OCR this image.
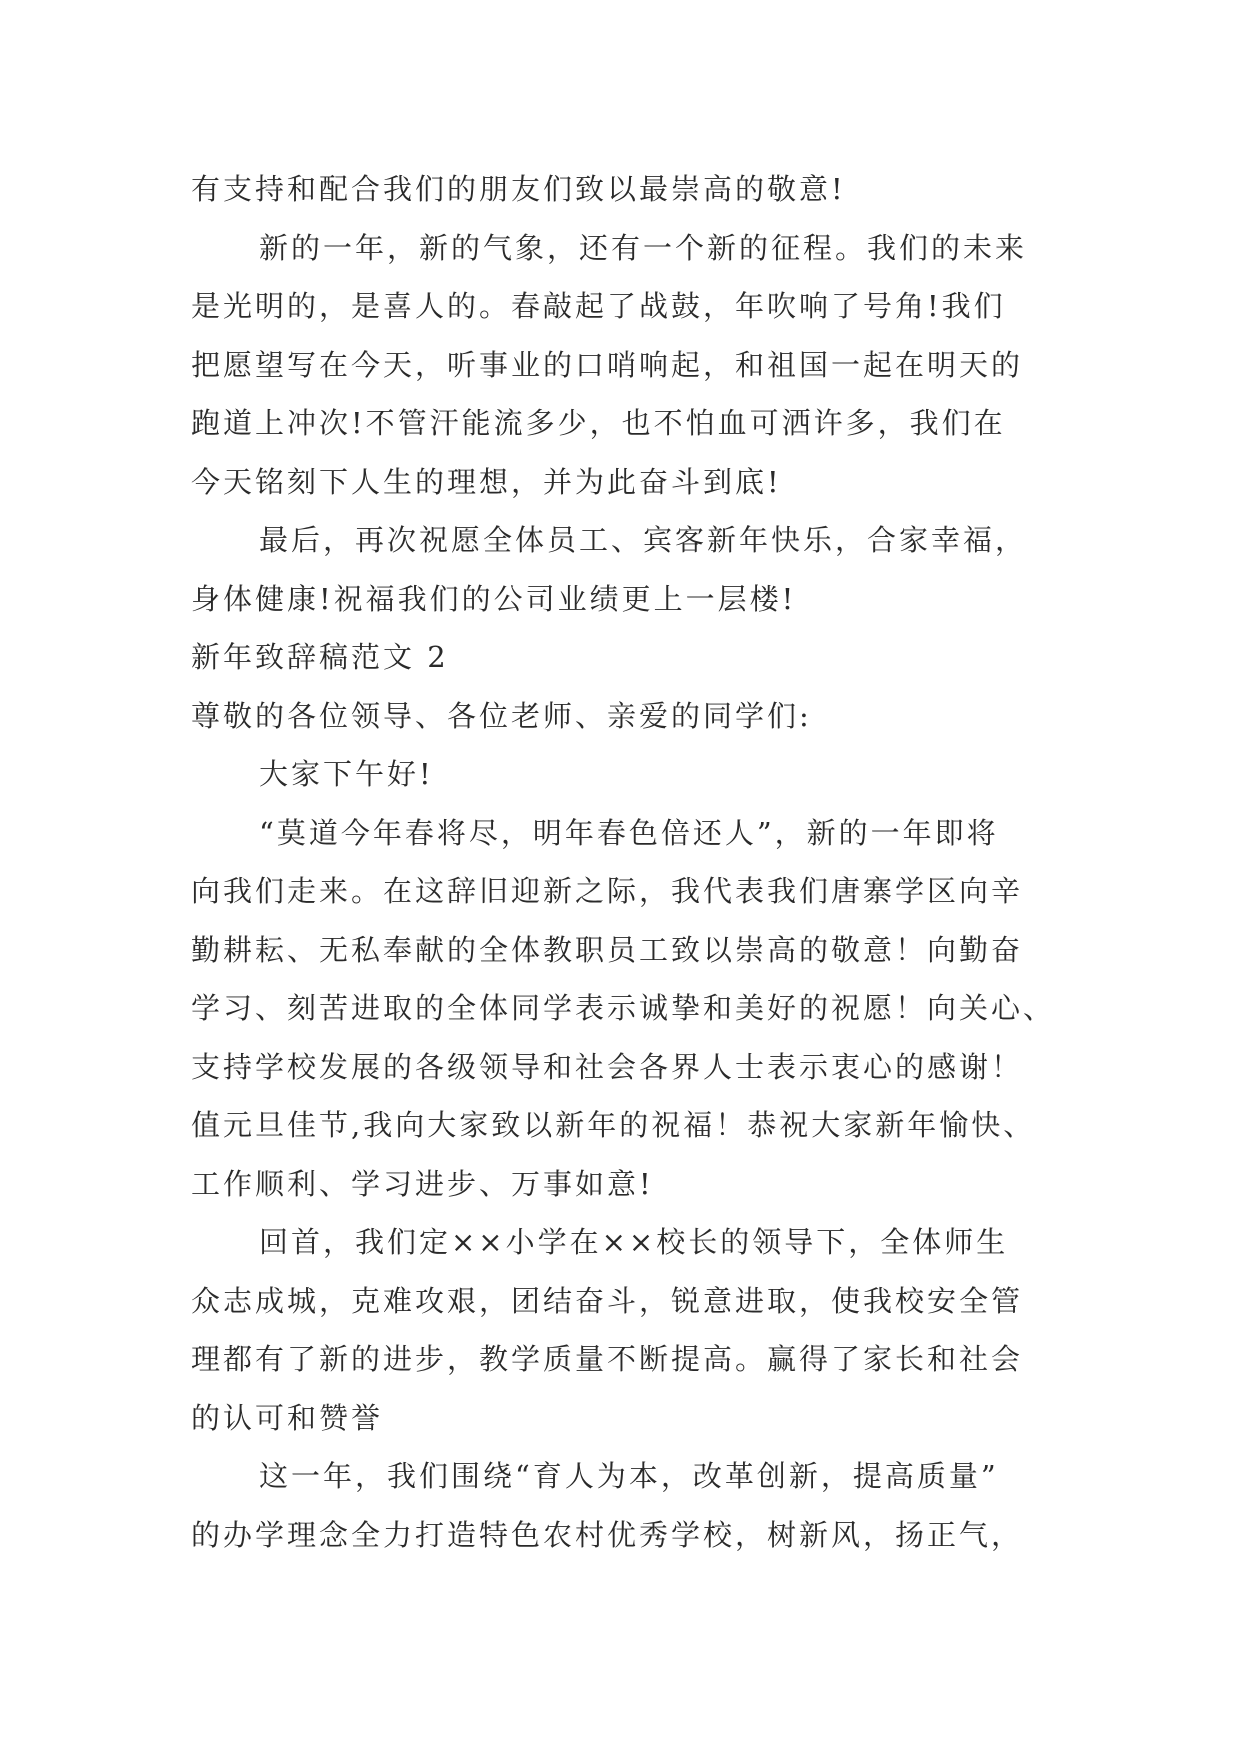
有支持和配合我们的朋友们致以最崇高的敬意!
新的一年，新的气象，还有一个新的征程。我们的未来
是光明的，是喜人的。春敲起了战鼓，年吹响了号角!我们
把愿望写在今天，听事业的口哨响起，和祖国一起在明天的
跑道上冲次!不管汗能流多少，也不怕血可洒许多，我们在
今天铭刻下人生的理想，并为此奋斗到底!
最后，再次祝愿全体员工、宾客新年快乐，合家幸福，
身体健康!祝福我们的公司业绩更上一层楼!
新年致辞稿范文 2
尊敬的各位领导、各位老师、亲爱的同学们:
大家下午好!
“莫道今年春将尽，明年春色倍还人”，新的一年即将
向我们走来。在这辞旧迎新之际，我代表我们唐寨学区向辛
勤耕耘、无私奉献的全体教职员工致以崇高的敬意！向勤奋
学习、刻苦进取的全体同学表示诚挚和美好的祝愿！向关心、
支持学校发展的各级领导和社会各界人士表示衷心的感谢！
值元旦佳节,我向大家致以新年的祝福！恭祝大家新年愉快、
工作顺利、学习进步、万事如意!
回首，我们定××小学在××校长的领导下，全体师生
众志成城，克难攻艰，团结奋斗，锐意进取，使我校安全管
理都有了新的进步，教学质量不断提高。赢得了家长和社会
的认可和赞誉
这一年，我们围绕“育人为本，改革创新，提高质量”
的办学理念全力打造特色农村优秀学校，树新风，扬正气，
